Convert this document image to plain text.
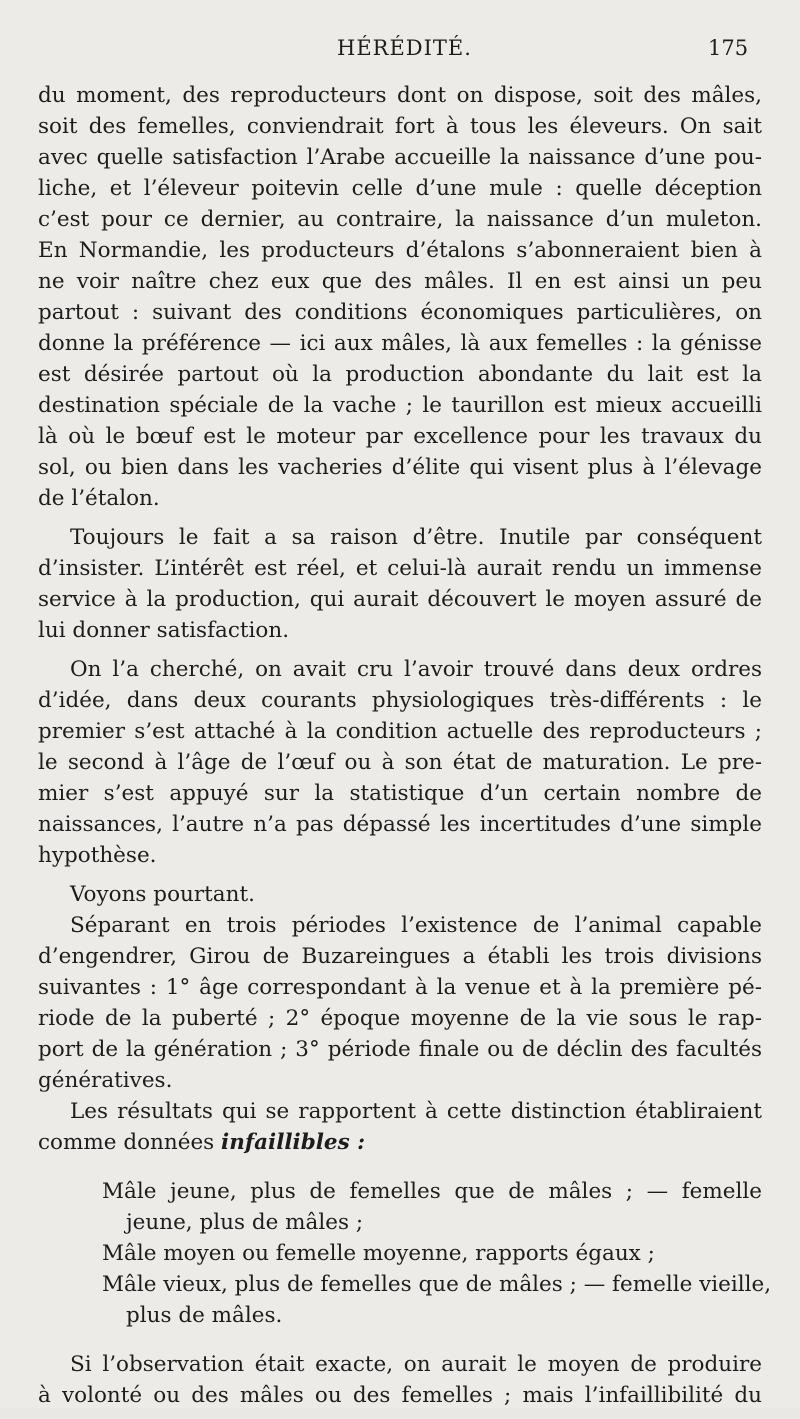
HÉRÉDITÉ.	175
du moment, des reproducteurs dont on dispose, soit des mâles,
soit des femelles, conviendrait fort à tous les éleveurs. On sait
avec quelle satisfaction l’Arabe accueille la naissance d’une pou-
liche, et l’éleveur poitevin celle d’une mule : quelle déception
c’est pour ce dernier, au contraire, la naissance d’un muleton.
En Normandie, les producteurs d’étalons s’abonneraient bien à
ne voir naître chez eux que des mâles. Il en est ainsi un peu
partout : suivant des conditions économiques particulières, on
donne la préférence — ici aux mâles, là aux femelles : la génisse
est désirée partout où la production abondante du lait est la
destination spéciale de la vache ; le taurillon est mieux accueilli
là où le bœuf est le moteur par excellence pour les travaux du
sol, ou bien dans les vacheries d’élite qui visent plus à l’élevage
de l’étalon.
Toujours le fait a sa raison d’être. Inutile par conséquent
d’insister. L’intérêt est réel, et celui-là aurait rendu un immense
service à la production, qui aurait découvert le moyen assuré de
lui donner satisfaction.
On l’a cherché, on avait cru l’avoir trouvé dans deux ordres
d’idée, dans deux courants physiologiques très-différents : le
premier s’est attaché à la condition actuelle des reproducteurs ;
le second à l’âge de l’œuf ou à son état de maturation. Le pre-
mier s’est appuyé sur la statistique d’un certain nombre de
naissances, l’autre n’a pas dépassé les incertitudes d’une simple
hypothèse.
Voyons pourtant.
Séparant en trois périodes l’existence de l’animal capable
d’engendrer, Girou de Buzareingues a établi les trois divisions
suivantes : 1° âge correspondant à la venue et à la première pé-
riode de la puberté ; 2° époque moyenne de la vie sous le rap-
port de la génération ; 3° période finale ou de déclin des facultés
génératives.
Les résultats qui se rapportent à cette distinction établiraient
comme données infaillibles :
Mâle jeune, plus de femelles que de mâles ; — femelle
jeune, plus de mâles ;
Mâle moyen ou femelle moyenne, rapports égaux ;
Mâle vieux, plus de femelles que de mâles ; — femelle vieille,
plus de mâles.
Si l’observation était exacte, on aurait le moyen de produire
à volonté ou des mâles ou des femelles ; mais l’infaillibilité du
